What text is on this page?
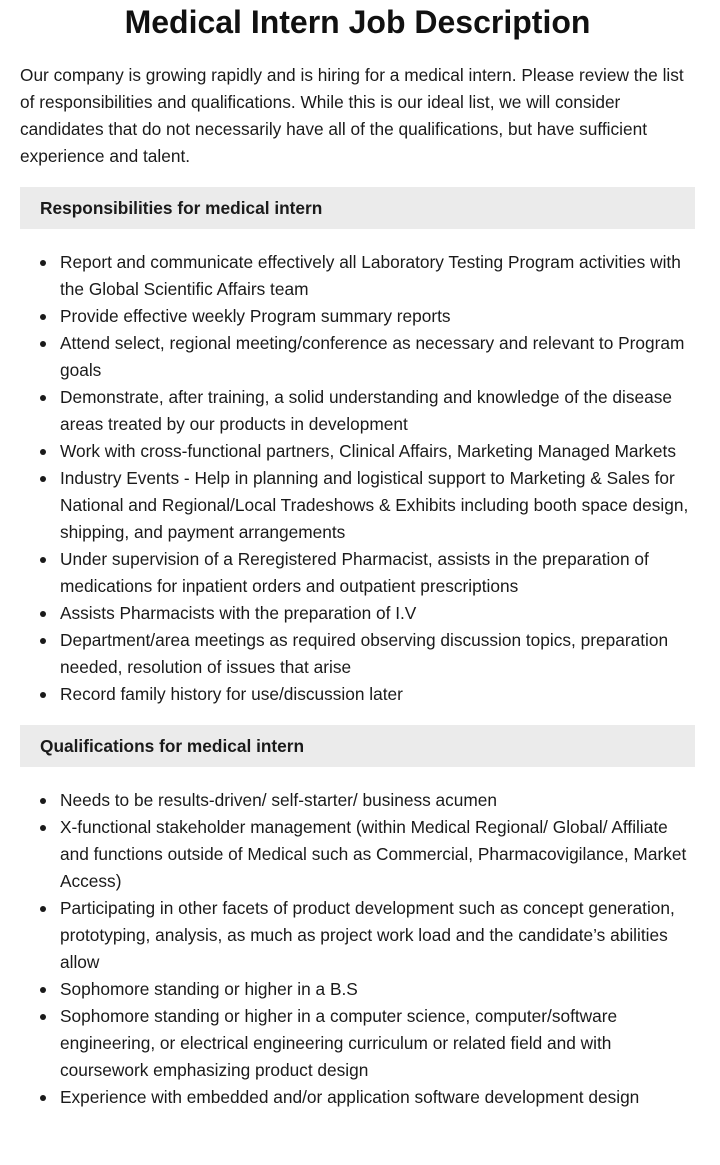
Medical Intern Job Description

Our company is growing rapidly and is hiring for a medical intern. Please review the list of responsibilities and qualifications. While this is our ideal list, we will consider candidates that do not necessarily have all of the qualifications, but have sufficient experience and talent.

Responsibilities for medical intern
Report and communicate effectively all Laboratory Testing Program activities with the Global Scientific Affairs team
Provide effective weekly Program summary reports
Attend select, regional meeting/conference as necessary and relevant to Program goals
Demonstrate, after training, a solid understanding and knowledge of the disease areas treated by our products in development
Work with cross-functional partners, Clinical Affairs, Marketing Managed Markets
Industry Events - Help in planning and logistical support to Marketing & Sales for National and Regional/Local Tradeshows & Exhibits including booth space design, shipping, and payment arrangements
Under supervision of a Reregistered Pharmacist, assists in the preparation of medications for inpatient orders and outpatient prescriptions
Assists Pharmacists with the preparation of I.V
Department/area meetings as required observing discussion topics, preparation needed, resolution of issues that arise
Record family history for use/discussion later
Qualifications for medical intern
Needs to be results-driven/ self-starter/ business acumen
X-functional stakeholder management (within Medical Regional/ Global/ Affiliate and functions outside of Medical such as Commercial, Pharmacovigilance, Market Access)
Participating in other facets of product development such as concept generation, prototyping, analysis, as much as project work load and the candidate’s abilities allow
Sophomore standing or higher in a B.S
Sophomore standing or higher in a computer science, computer/software engineering, or electrical engineering curriculum or related field and with coursework emphasizing product design
Experience with embedded and/or application software development design
